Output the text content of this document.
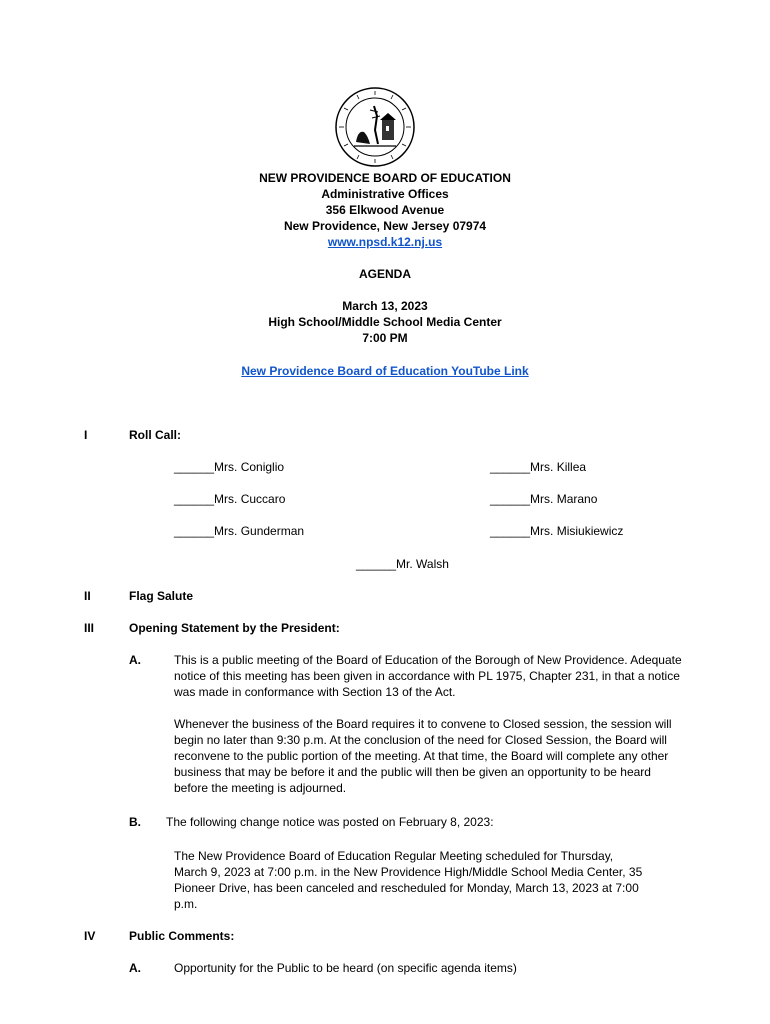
NEW PROVIDENCE BOARD OF EDUCATION
Administrative Offices
356 Elkwood Avenue
New Providence, New Jersey 07974
www.npsd.k12.nj.us
AGENDA
March 13, 2023
High School/Middle School Media Center
7:00 PM
New Providence Board of Education YouTube Link
I	Roll Call:
______Mrs. Coniglio	______Mrs. Killea
______Mrs. Cuccaro	______Mrs. Marano
______Mrs. Gunderman	______Mrs. Misiukiewicz
______Mr. Walsh
II	Flag Salute
III	Opening Statement by the President:
A.	This is a public meeting of the Board of Education of the Borough of New Providence. Adequate notice of this meeting has been given in accordance with PL 1975, Chapter 231, in that a notice was made in conformance with Section 13 of the Act.
Whenever the business of the Board requires it to convene to Closed session, the session will begin no later than 9:30 p.m. At the conclusion of the need for Closed Session, the Board will reconvene to the public portion of the meeting. At that time, the Board will complete any other business that may be before it and the public will then be given an opportunity to be heard before the meeting is adjourned.
B. The following change notice was posted on February 8, 2023:
The New Providence Board of Education Regular Meeting scheduled for Thursday, March 9, 2023 at 7:00 p.m. in the New Providence High/Middle School Media Center, 35 Pioneer Drive, has been canceled and rescheduled for Monday, March 13, 2023 at 7:00 p.m.
IV	Public Comments:
A.	Opportunity for the Public to be heard (on specific agenda items)
